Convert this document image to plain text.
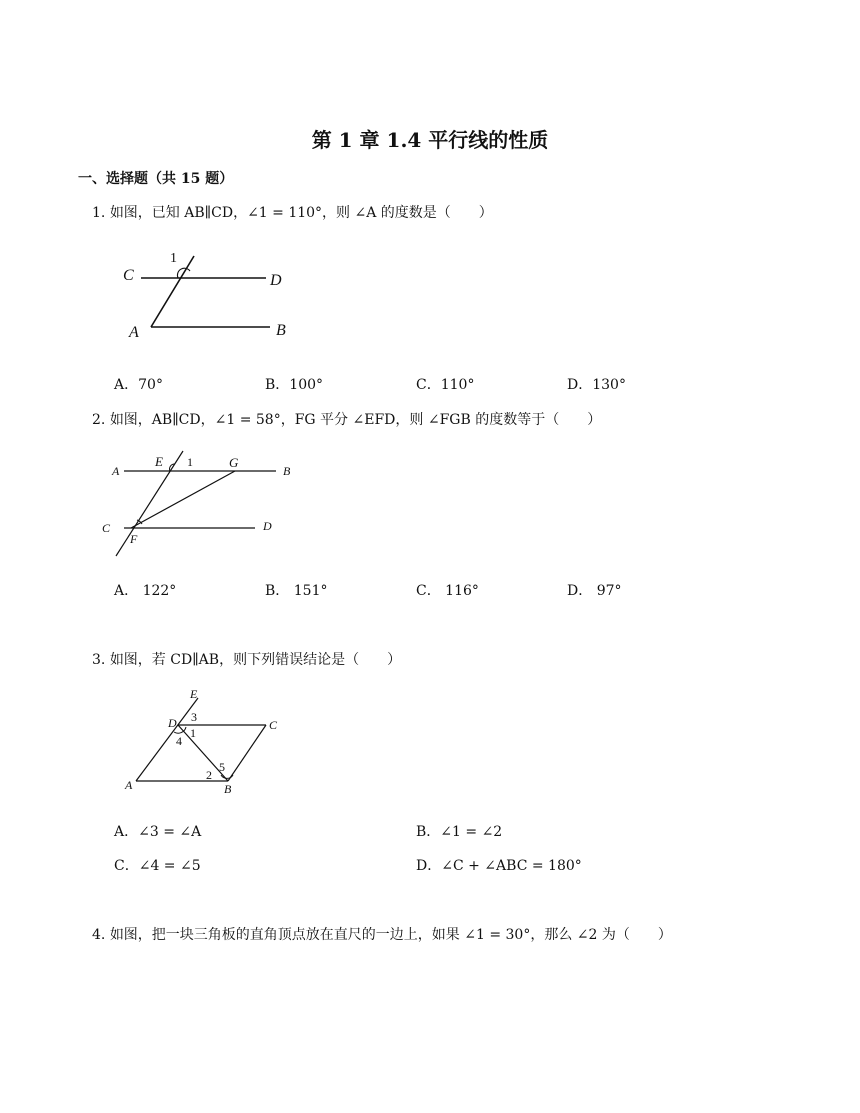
第 1 章 1.4 平行线的性质
一、选择题（共 15 题）
1. 如图，已知 AB∥CD，∠1 = 110°，则 ∠A 的度数是（　　）
C
1
D
A	B
A．70°	B．100°	C．110°	D．130°
2. 如图，AB∥CD，∠1 = 58°，FG 平分 ∠EFD，则 ∠FGB 的度数等于（　　）
A
E 1	G
B
C
F
D
A． 122°	B． 151°	C． 116°	D． 97°
3. 如图，若 CD∥AB，则下列错误结论是（　　）
E
D 3
4
1
C
A
2
5
B
A．∠3 = ∠A	B．∠1 = ∠2
C．∠4 = ∠5	D．∠C + ∠ABC = 180°
4. 如图，把一块三角板的直角顶点放在直尺的一边上，如果 ∠1 = 30°，那么 ∠2 为（　　）
